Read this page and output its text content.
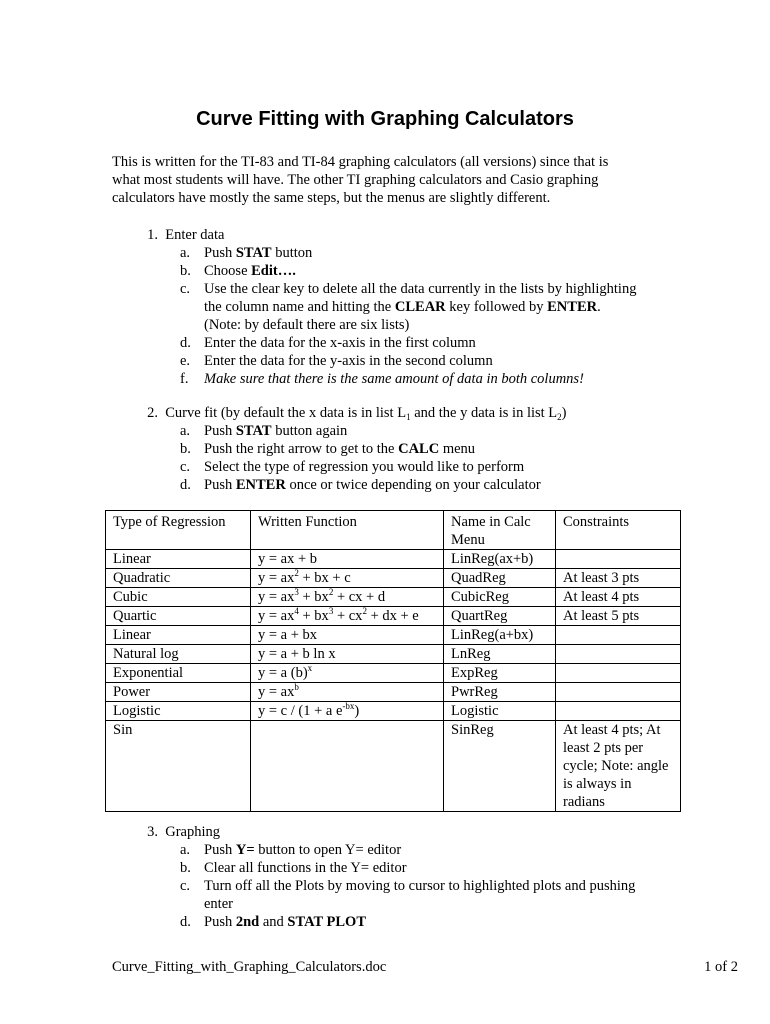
Curve Fitting with Graphing Calculators

This is written for the TI-83 and TI-84 graphing calculators (all versions) since that is
what most students will have. The other TI graphing calculators and Casio graphing
calculators have mostly the same steps, but the menus are slightly different.

1. Enter data
a. Push STAT button
b. Choose Edit….
c. Use the clear key to delete all the data currently in the lists by highlighting
the column name and hitting the CLEAR key followed by ENTER.
(Note: by default there are six lists)
d. Enter the data for the x-axis in the first column
e. Enter the data for the y-axis in the second column
f.	Make sure that there is the same amount of data in both columns!
2. Curve fit (by default the x data is in list $L_1$ and the y data is in list $L_2$)
a. Push STAT button again
b. Push the right arrow to get to the CALC menu
c. Select the type of regression you would like to perform
d. Push ENTER once or twice depending on your calculator
Type of Regression	Written Function	Name in Calc Menu	Constraints
Linear	y = ax + b	LinReg(ax+b)	
Quadratic	$y = ax^2$ + bx + c	QuadReg	At least 3 pts
Cubic	$y = ax^3 + bx^2$ + cx + d	CubicReg	At least 4 pts
Quartic	$y = ax^4 + bx^3 + cx^2$ + dx + e	QuartReg	At least 5 pts
Linear	y = a + bx	LinReg(a+bx)	
Natural log	y = a + b ln x	LnReg	
Exponential	y = a $(b)^x$	ExpReg	
Power	$y = ax^b$	PwrReg	
Logistic	y = c / (1 + a $e^{-bx}$)	Logistic	
Sin		SinReg	At least 4 pts; At least 2 pts per cycle; Note: angle is always in radians
3. Graphing
a. Push Y= button to open Y= editor
b. Clear all functions in the Y= editor
c. Turn off all the Plots by moving to cursor to highlighted plots and pushing
enter
d. Push 2nd and STAT PLOT
Curve_Fitting_with_Graphing_Calculators.doc	1 of 2
